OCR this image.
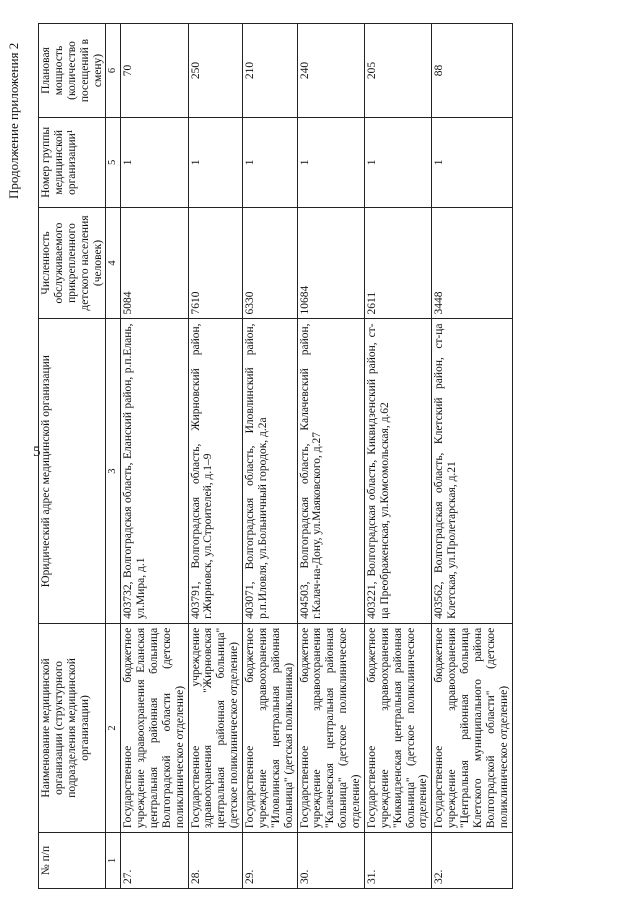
5
Продолжение приложения 2
№ п/п	Наименование медицинской организации (структурного подразделения медицинской организации)	Юридический адрес медицинской организации	Численность обслуживаемого прикрепленного детского населения (человек)	Номер группы медицинской организации¹	Плановая мощность (количество посещений в смену)
1	2	3	4	5	6
27.	Государственное бюджетное учреждение здравоохранения Еланская центральная районная больница Волгоградской области (детское поликлиническое отделение)	403732, Волгоградская область, Еланский район, р.п.Елань, ул.Мира, д.1	5084	1	70
28.	Государственное учреждение здравоохранения "Жирновская центральная районная больница" (детское поликлиническое отделение)	403791, Волгоградская область, Жирновский район, г.Жирновск, ул.Строителей, д.1–9	7610	1	250
29.	Государственное бюджетное учреждение здравоохранения "Иловлинская центральная районная больница" (детская поликлиника)	403071, Волгоградская область, Иловлинский район, р.п.Иловля, ул.Больничный городок, д.2а	6330	1	210
30.	Государственное бюджетное учреждение здравоохранения "Калачевская центральная районная больница" (детское поликлиническое отделение)	404503, Волгоградская область, Калачевский район, г.Калач-на-Дону, ул.Маяковского, д.27	10684	1	240
31.	Государственное бюджетное учреждение здравоохранения "Киквидзенская центральная районная больница" (детское поликлиническое отделение)	403221, Волгоградская область, Киквидзенский район, ст-ца Преображенская, ул.Комсомольская, д.62	2611	1	205
32.	Государственное бюджетное учреждение здравоохранения "Центральная районная больница Клетского муниципального района Волгоградской области" (детское поликлиническое отделение)	403562, Волгоградская область, Клетский район, ст-ца Клетская, ул.Пролетарская, д.21	3448	1	88
